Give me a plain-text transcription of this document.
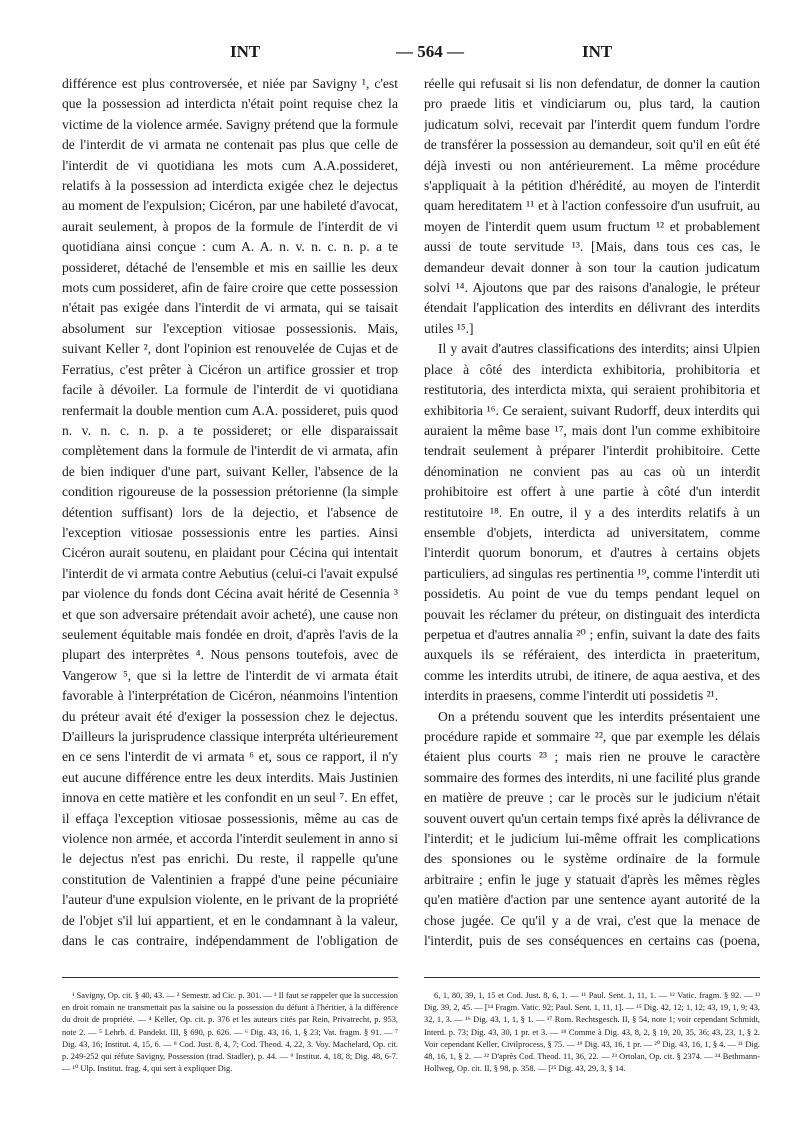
INT	— 564 —	INT

différence est plus controversée, et niée par Savigny ¹, c'est que la possession ad interdicta n'était point requise chez la victime de la violence armée. Savigny prétend que la formule de l'interdit de vi armata ne contenait pas plus que celle de l'interdit de vi quotidiana les mots cum A.A.possideret, relatifs à la possession ad interdicta exigée chez le dejectus au moment de l'expulsion; Cicéron, par une habileté d'avocat, aurait seulement, à propos de la formule de l'interdit de vi quotidiana ainsi conçue : cum A. A. n. v. n. c. n. p. a te possideret, détaché de l'ensemble et mis en saillie les deux mots cum possideret, afin de faire croire que cette possession n'était pas exigée dans l'interdit de vi armata, qui se taisait absolument sur l'exception vitiosae possessionis. Mais, suivant Keller ², dont l'opinion est renouvelée de Cujas et de Ferratius, c'est prêter à Cicéron un artifice grossier et trop facile à dévoiler. La formule de l'interdit de vi quotidiana renfermait la double mention cum A.A. possideret, puis quod n. v. n. c. n. p. a te possideret; or elle disparaissait complètement dans la formule de l'interdit de vi armata, afin de bien indiquer d'une part, suivant Keller, l'absence de la condition rigoureuse de la possession prétorienne (la simple détention suffisant) lors de la dejectio, et l'absence de l'exception vitiosae possessionis entre les parties. Ainsi Cicéron aurait soutenu, en plaidant pour Cécina qui intentait l'interdit de vi armata contre Aebutius (celui-ci l'avait expulsé par violence du fonds dont Cécina avait hérité de Cesennia ³ et que son adversaire prétendait avoir acheté), une cause non seulement équitable mais fondée en droit, d'après l'avis de la plupart des interprètes ⁴. Nous pensons toutefois, avec de Vangerow ⁵, que si la lettre de l'interdit de vi armata était favorable à l'interprétation de Cicéron, néanmoins l'intention du préteur avait été d'exiger la possession chez le dejectus. D'ailleurs la jurisprudence classique interpréta ultérieurement en ce sens l'interdit de vi armata ⁶ et, sous ce rapport, il n'y eut aucune différence entre les deux interdits. Mais Justinien innova en cette matière et les confondit en un seul ⁷. En effet, il effaça l'exception vitiosae possessionis, même au cas de violence non armée, et accorda l'interdit seulement in anno si le dejectus n'est pas enrichi. Du reste, il rappelle qu'une constitution de Valentinien a frappé d'une peine pécuniaire l'auteur d'une expulsion violente, en le privant de la propriété de l'objet s'il lui appartient, et en le condamnant à la valeur, dans le cas contraire, indépendamment de l'obligation de

réelle qui refusait si lis non defendatur, de donner la caution pro praede litis et vindiciarum ou, plus tard, la caution judicatum solvi, recevait par l'interdit quem fundum l'ordre de transférer la possession au demandeur, soit qu'il en eût été déjà investi ou non antérieurement. La même procédure s'appliquait à la pétition d'hérédité, au moyen de l'interdit quam hereditatem ¹¹ et à l'action confessoire d'un usufruit, au moyen de l'interdit quem usum fructum ¹² et probablement aussi de toute servitude ¹³. [Mais, dans tous ces cas, le demandeur devait donner à son tour la caution judicatum solvi ¹⁴. Ajoutons que par des raisons d'analogie, le préteur étendait l'application des interdits en délivrant des interdits utiles ¹⁵.]

Il y avait d'autres classifications des interdits; ainsi Ulpien place à côté des interdicta exhibitoria, prohibitoria et restitutoria, des interdicta mixta, qui seraient prohibitoria et exhibitoria ¹⁶. Ce seraient, suivant Rudorff, deux interdits qui auraient la même base ¹⁷, mais dont l'un comme exhibitoire tendrait seulement à préparer l'interdit prohibitoire. Cette dénomination ne convient pas au cas où un interdit prohibitoire est offert à une partie à côté d'un interdit restitutoire ¹⁸. En outre, il y a des interdits relatifs à un ensemble d'objets, interdicta ad universitatem, comme l'interdit quorum bonorum, et d'autres à certains objets particuliers, ad singulas res pertinentia ¹⁹, comme l'interdit uti possidetis. Au point de vue du temps pendant lequel on pouvait les réclamer du préteur, on distinguait des interdicta perpetua et d'autres annalia ²⁰ ; enfin, suivant la date des faits auxquels ils se référaient, des interdicta in praeteritum, comme les interdits utrubi, de itinere, de aqua aestiva, et des interdits in praesens, comme l'interdit uti possidetis ²¹.

On a prétendu souvent que les interdits présentaient une procédure rapide et sommaire ²², que par exemple les délais étaient plus courts ²³ ; mais rien ne prouve le caractère sommaire des formes des interdits, ni une facilité plus grande en matière de preuve ; car le procès sur le judicium n'était souvent ouvert qu'un certain temps fixé après la délivrance de l'interdit; et le judicium lui-même offrait les complications des sponsiones ou le système ordinaire de la formule arbitraire ; enfin le juge y statuait d'après les mêmes règles qu'en matière d'action par une sentence ayant autorité de la chose jugée. Ce qu'il y a de vrai, c'est que la menace de l'interdit, puis de ses conséquences en certains cas (poena,

¹ Savigny, Op. cit. § 40, 43. — ² Semestr. ad Cic. p. 301. — ³ Il faut se rappeler que la succession en droit romain ne transmettait pas la saisine ou la possession du défunt à l'héritier, à la différence du droit de propriété. — ⁴ Keller, Op. cit. p. 376 et les auteurs cités par Rein, Privatrecht, p. 953, note 2. — ⁵ Lehrb. d. Pandekt. III, § 690, p. 626. — ⁶ Dig. 43, 16, 1, § 23; Vat. fragm. § 91. — ⁷ Dig. 43, 16; Institut. 4, 15, 6. — ⁸ Cod. Just. 8, 4, 7; Cod. Theod. 4, 22, 3. Voy. Machelard, Op. cit. p. 249-252 qui réfute Savigny, Possession (trad. Stadler), p. 44. — ⁹ Institut. 4, 18, 8; Dig. 48, 6-7. — ¹⁰ Ulp. Institut. frag. 4, qui sert à expliquer Dig.

6, 1, 80, 39, 1, 15 et Cod. Just. 8, 6, 1. — ¹¹ Paul. Sent. 1, 11, 1. — ¹² Vatic. fragm. § 92. — ¹³ Dig. 39, 2, 45. — [¹⁴ Fragm. Vatic. 92; Paul. Sent. 1, 11, 1]. — ¹⁵ Dig. 42, 12; 1, 12; 43, 19, 1, 9; 43, 32, 1, 3. — ¹⁶ Dig. 43, 1, 1, § 1. — ¹⁷ Rom. Rechtsgesch. II, § 54, note 1; voir cependant Schmidt, Interd. p. 73; Dig. 43, 30, 1 pr. et 3. — ¹⁸ Comme à Dig. 43, 8, 2, § 19, 20, 35, 36; 43, 23, 1, § 2. Voir cependant Keller, Civilprocess, § 75. — ¹⁹ Dig. 43, 16, 1 pr. — ²⁰ Dig. 43, 16, 1, § 4. — ²¹ Dig. 48, 16, 1, § 2. — ²² D'après Cod. Theod. 11, 36, 22. — ²³ Ortolan, Op. cit. § 2374. — ²⁴ Bethmann-Hollweg, Op. cit. II, § 98, p. 358. — [²⁵ Dig. 43, 29, 3, § 14.
